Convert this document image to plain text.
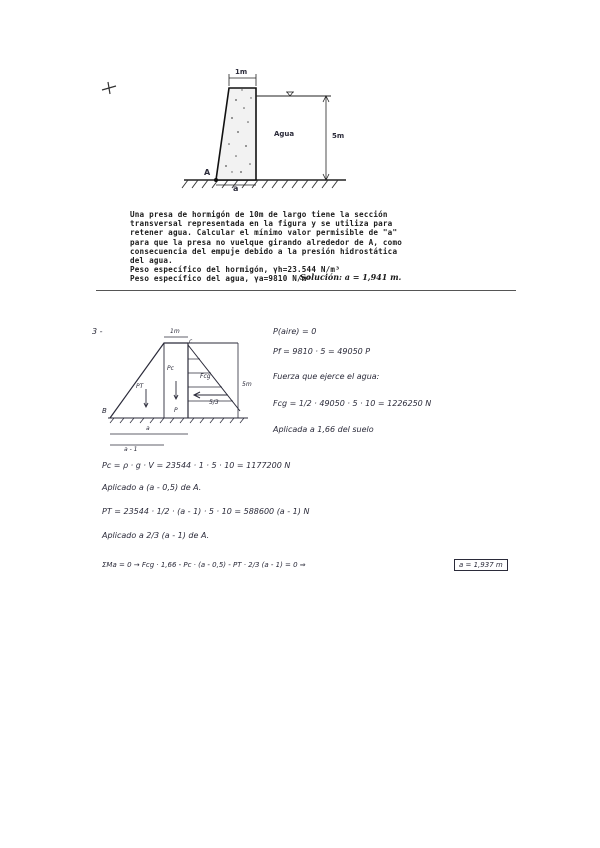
1m
Agua	5m
A
a
Una presa de hormigón de 10m de largo tiene la sección
transversal representada en la figura y se utiliza para
retener agua. Calcular el mínimo valor permisible de "a"
para que la presa no vuelque girando alrededor de A, como
consecuencia del empuje debido a la presión hidrostática
del agua.
Peso específico del hormigón, γh=23.544 N/m³
Peso específico del agua, γa=9810 N/m³
Solución: a = 1,941 m.
3 -	1m
c
B	P
PT
Pc
Fcg
5/3
5m
a
a - 1
P(aire) = 0
Pf = 9810 · 5 = 49050 P
Fuerza que ejerce el agua:
Fcg = 1/2 · 49050 · 5 · 10 = 1226250 N
Aplicada a 1,66 del suelo
Pc = ρ · g · V = 23544 · 1 · 5 · 10 = 1177200 N
Aplicado a (a - 0,5) de A.
PT = 23544 · 1/2 · (a - 1) · 5 · 10 = 588600 (a - 1) N
Aplicado a 2/3 (a - 1) de A.
ΣMa = 0 → Fcg · 1,66 - Pc · (a - 0,5) - PT · 2/3 (a - 1) = 0 ⇒	a = 1,937 m
